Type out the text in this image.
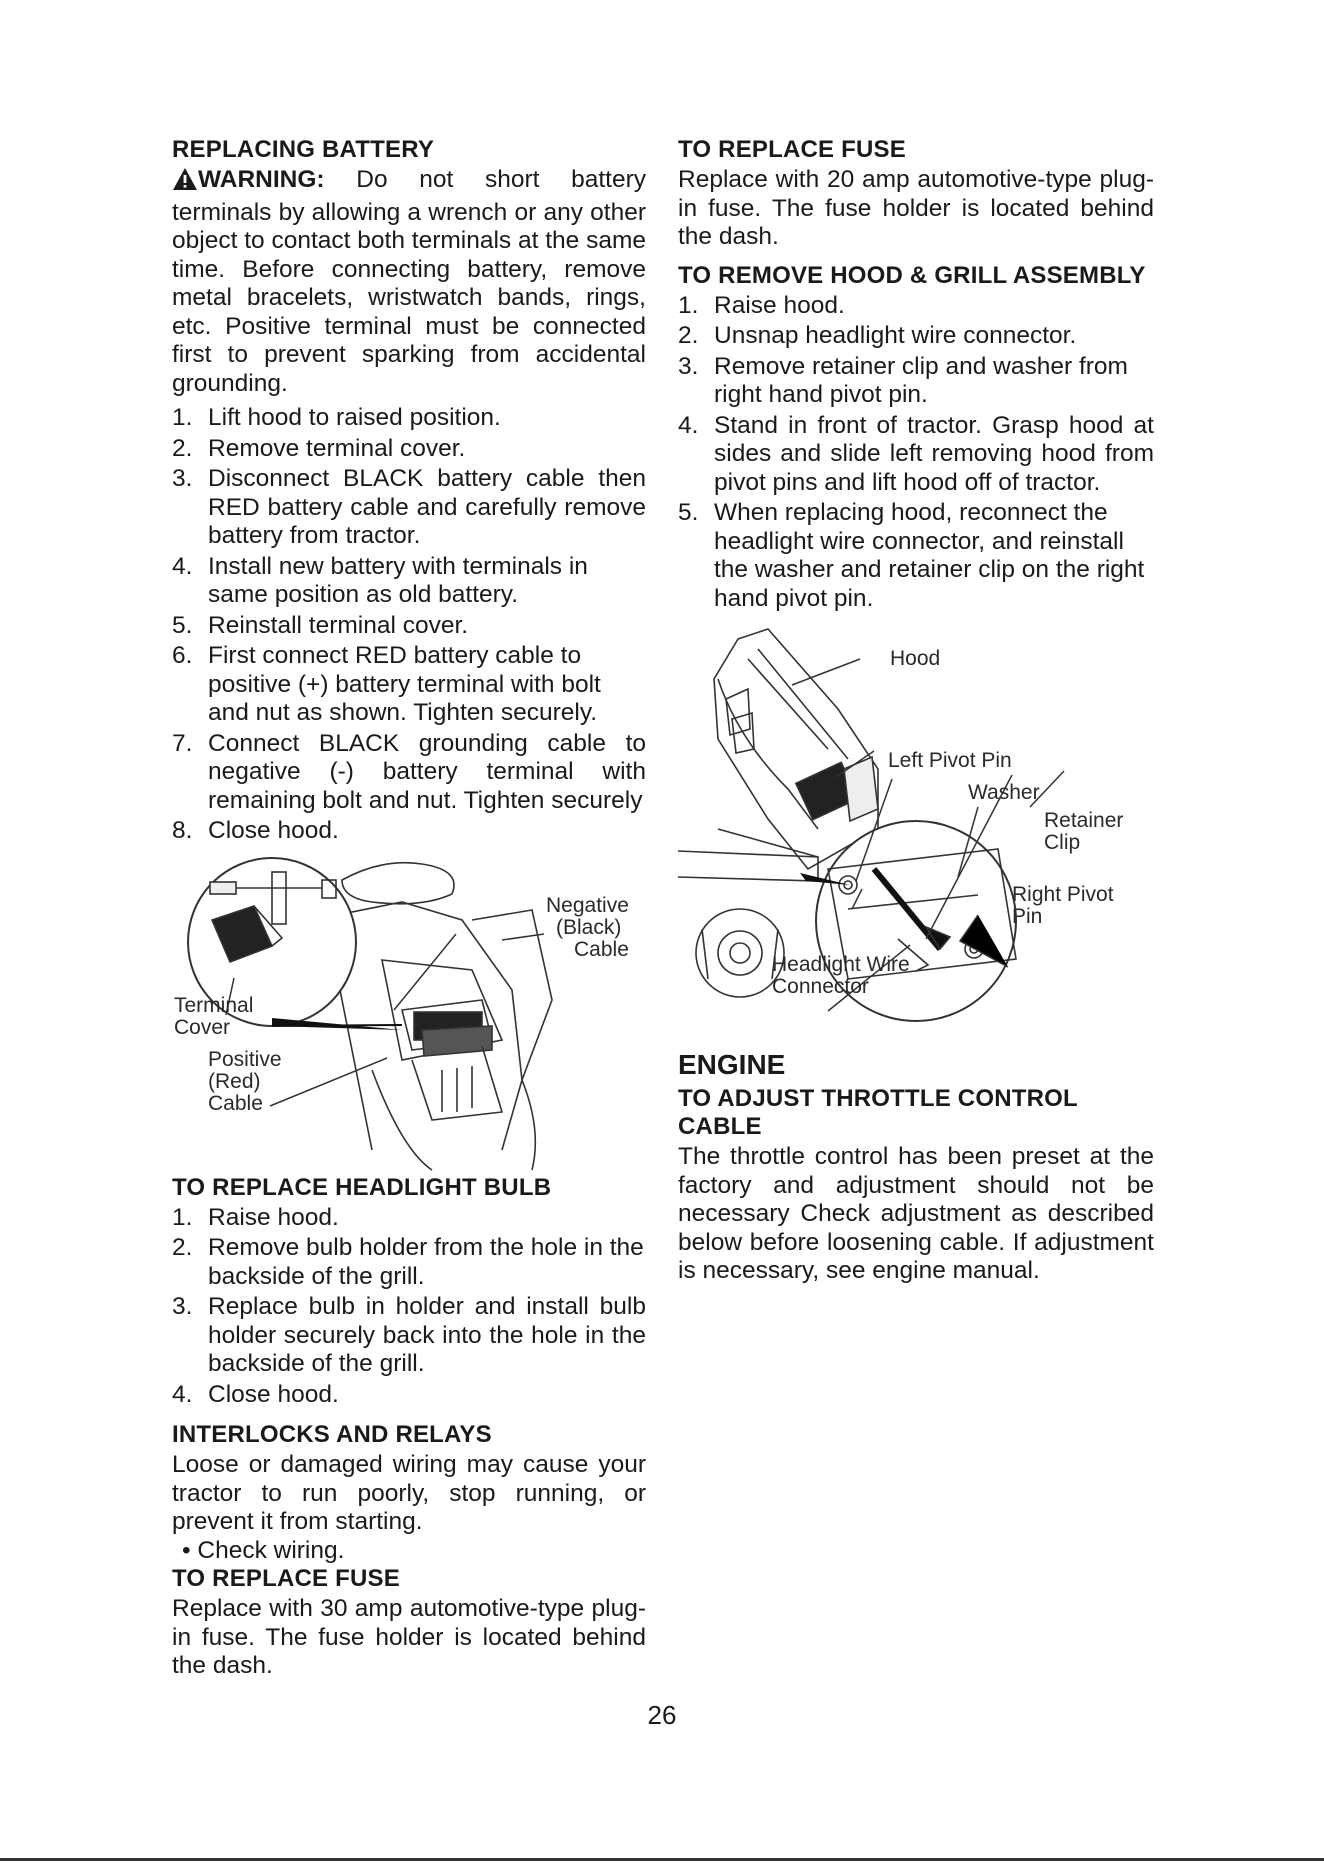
REPLACING BATTERY

WARNING: Do not short battery terminals by allowing a wrench or any other object to contact both terminals at the same time. Before connecting battery, remove metal bracelets, wristwatch bands, rings, etc. Positive terminal must be connected first to prevent sparking from accidental grounding.

1. Lift hood to raised position.
2. Remove terminal cover.
3. Disconnect BLACK battery cable then RED battery cable and carefully remove battery from tractor.
4. Install new battery with terminals in same position as old battery.
5. Reinstall terminal cover.
6. First connect RED battery cable to positive (+) battery terminal with bolt and nut as shown. Tighten securely.
7. Connect BLACK grounding cable to negative (-) battery terminal with remaining bolt and nut. Tighten securely
8. Close hood.
Negative
(Black)
Cable
Terminal
Cover
Positive
(Red)
Cable
TO REPLACE HEADLIGHT BULB
1. Raise hood.
2. Remove bulb holder from the hole in the backside of the grill.
3. Replace bulb in holder and install bulb holder securely back into the hole in the backside of the grill.
4. Close hood.
INTERLOCKS AND RELAYS

Loose or damaged wiring may cause your tractor to run poorly, stop running, or prevent it from starting.

• Check wiring.

TO REPLACE FUSE

Replace with 30 amp automotive-type plug-in fuse. The fuse holder is located behind the dash.

TO REPLACE FUSE

Replace with 20 amp automotive-type plug-in fuse. The fuse holder is located behind the dash.

TO REMOVE HOOD & GRILL ASSEMBLY
1. Raise hood.
2. Unsnap headlight wire connector.
3. Remove retainer clip and washer from right hand pivot pin.
4. Stand in front of tractor. Grasp hood at sides and slide left removing hood from pivot pins and lift hood off of tractor.
5. When replacing hood, reconnect the headlight wire connector, and reinstall the washer and retainer clip on the right hand pivot pin.
Hood
Left Pivot Pin
Washer
Retainer
Clip
Right Pivot
Pin
Headlight Wire
Connector
ENGINE
TO ADJUST THROTTLE CONTROL
CABLE

The throttle control has been preset at the factory and adjustment should not be necessary Check adjustment as described below before loosening cable. If adjustment is necessary, see engine manual.

26
